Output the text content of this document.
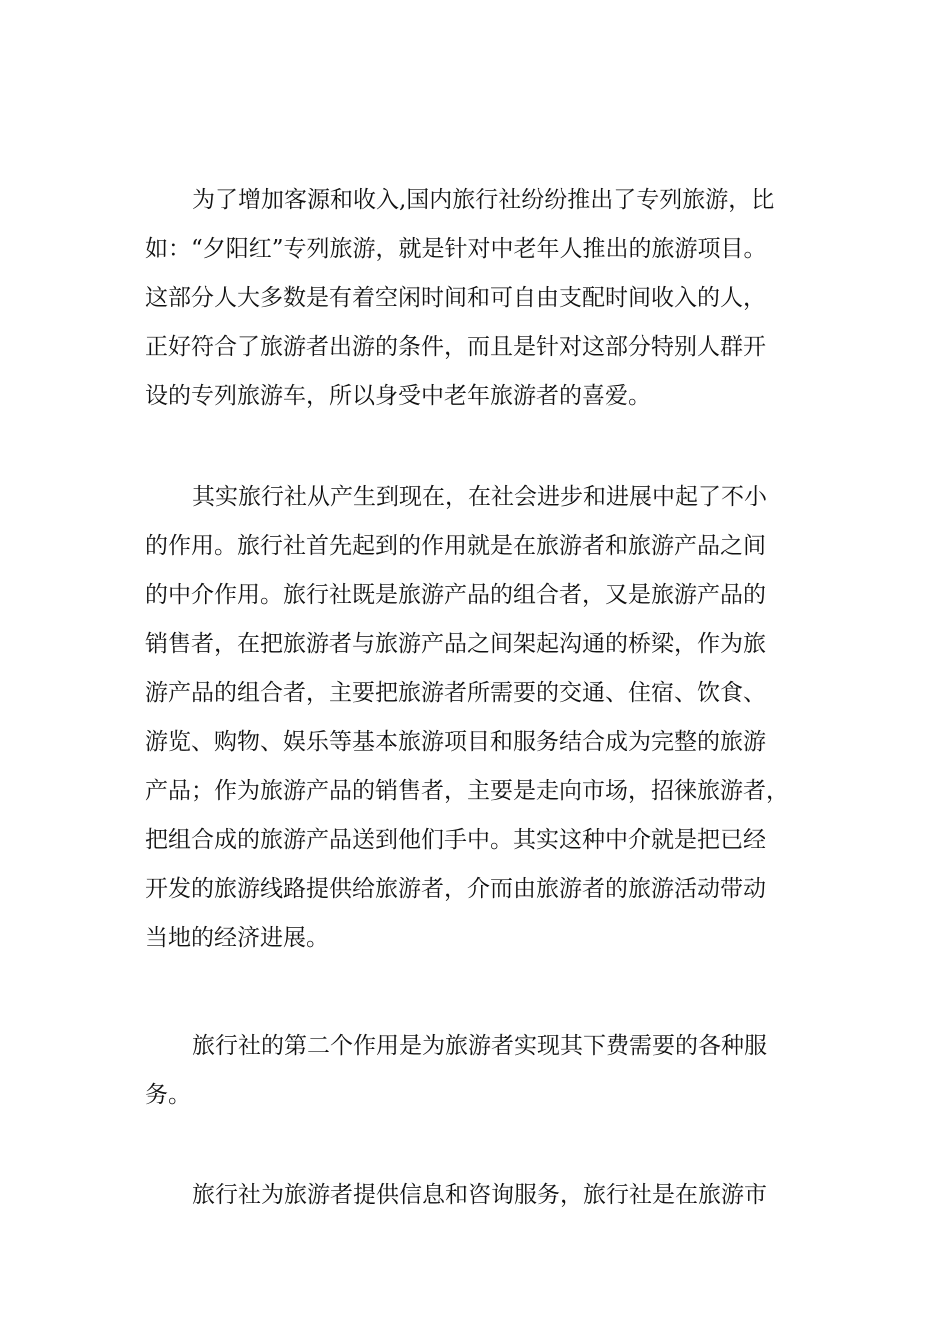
为了增加客源和收入,国内旅行社纷纷推出了专列旅游，比
如：“夕阳红”专列旅游，就是针对中老年人推出的旅游项目。
这部分人大多数是有着空闲时间和可自由支配时间收入的人，
正好符合了旅游者出游的条件，而且是针对这部分特别人群开
设的专列旅游车，所以身受中老年旅游者的喜爱。
其实旅行社从产生到现在，在社会进步和进展中起了不小
的作用。旅行社首先起到的作用就是在旅游者和旅游产品之间
的中介作用。旅行社既是旅游产品的组合者，又是旅游产品的
销售者，在把旅游者与旅游产品之间架起沟通的桥梁，作为旅
游产品的组合者，主要把旅游者所需要的交通、住宿、饮食、
游览、购物、娱乐等基本旅游项目和服务结合成为完整的旅游
产品；作为旅游产品的销售者，主要是走向市场，招徕旅游者，
把组合成的旅游产品送到他们手中。其实这种中介就是把已经
开发的旅游线路提供给旅游者，介而由旅游者的旅游活动带动
当地的经济进展。
旅行社的第二个作用是为旅游者实现其下费需要的各种服
务。
旅行社为旅游者提供信息和咨询服务，旅行社是在旅游市
